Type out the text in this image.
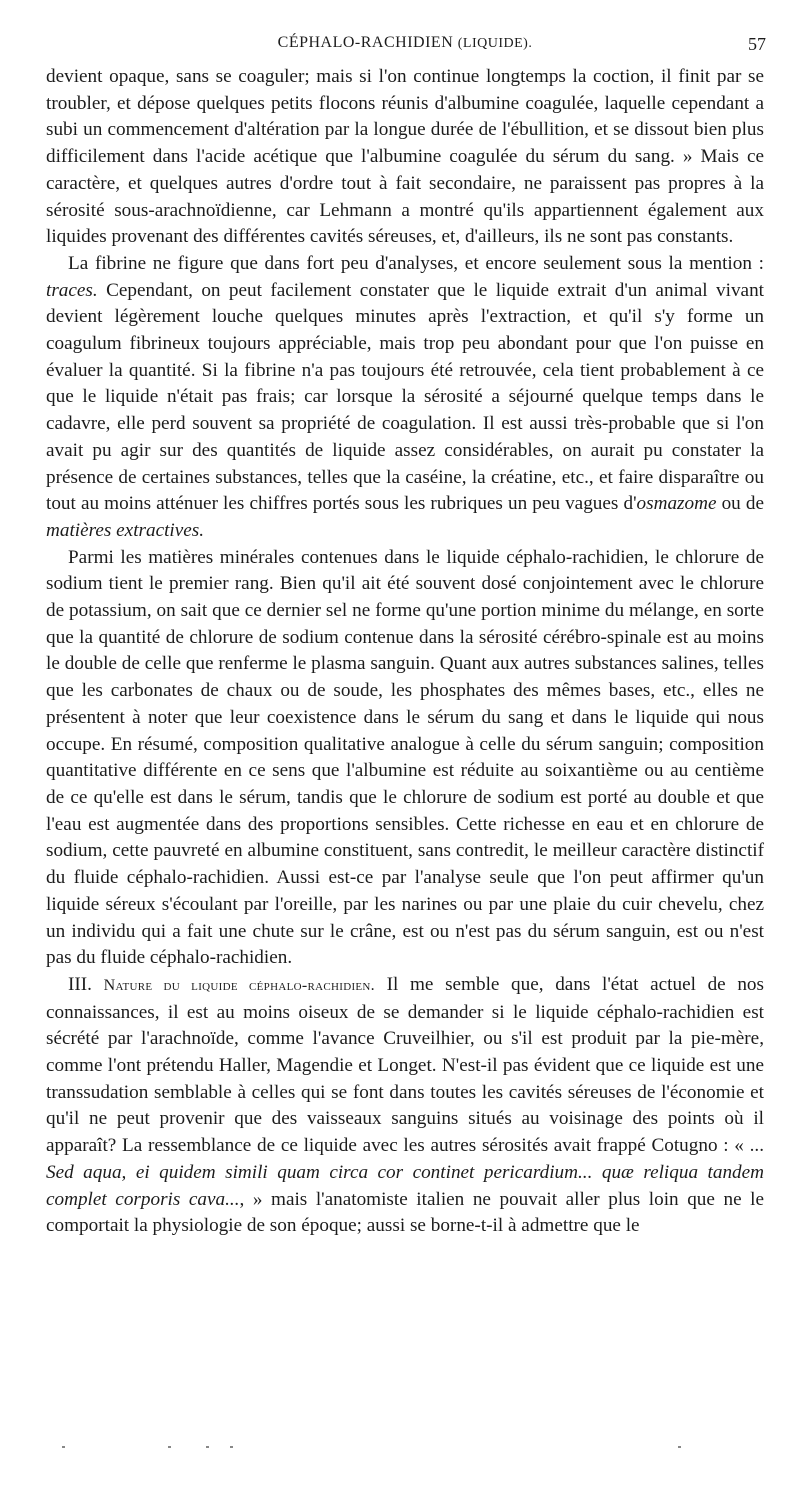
CÉPHALO-RACHIDIEN (LIQUIDE).	57

devient opaque, sans se coaguler; mais si l'on continue longtemps la coction, il finit par se troubler, et dépose quelques petits flocons réunis d'albumine coagulée, laquelle cependant a subi un commencement d'altération par la longue durée de l'ébullition, et se dissout bien plus difficilement dans l'acide acétique que l'albumine coagulée du sérum du sang. » Mais ce caractère, et quelques autres d'ordre tout à fait secondaire, ne paraissent pas propres à la sérosité sous-arachnoïdienne, car Lehmann a montré qu'ils appartiennent également aux liquides provenant des différentes cavités séreuses, et, d'ailleurs, ils ne sont pas constants.

La fibrine ne figure que dans fort peu d'analyses, et encore seulement sous la mention : traces. Cependant, on peut facilement constater que le liquide extrait d'un animal vivant devient légèrement louche quelques minutes après l'extraction, et qu'il s'y forme un coagulum fibrineux toujours appréciable, mais trop peu abondant pour que l'on puisse en évaluer la quantité. Si la fibrine n'a pas toujours été retrouvée, cela tient probablement à ce que le liquide n'était pas frais; car lorsque la sérosité a séjourné quelque temps dans le cadavre, elle perd souvent sa propriété de coagulation. Il est aussi très-probable que si l'on avait pu agir sur des quantités de liquide assez considérables, on aurait pu constater la présence de certaines substances, telles que la caséine, la créatine, etc., et faire disparaître ou tout au moins atténuer les chiffres portés sous les rubriques un peu vagues d'osmazome ou de matières extractives.

Parmi les matières minérales contenues dans le liquide céphalo-rachidien, le chlorure de sodium tient le premier rang. Bien qu'il ait été souvent dosé conjointement avec le chlorure de potassium, on sait que ce dernier sel ne forme qu'une portion minime du mélange, en sorte que la quantité de chlorure de sodium contenue dans la sérosité cérébro-spinale est au moins le double de celle que renferme le plasma sanguin. Quant aux autres substances salines, telles que les carbonates de chaux ou de soude, les phosphates des mêmes bases, etc., elles ne présentent à noter que leur coexistence dans le sérum du sang et dans le liquide qui nous occupe. En résumé, composition qualitative analogue à celle du sérum sanguin; composition quantitative différente en ce sens que l'albumine est réduite au soixantième ou au centième de ce qu'elle est dans le sérum, tandis que le chlorure de sodium est porté au double et que l'eau est augmentée dans des proportions sensibles. Cette richesse en eau et en chlorure de sodium, cette pauvreté en albumine constituent, sans contredit, le meilleur caractère distinctif du fluide céphalo-rachidien. Aussi est-ce par l'analyse seule que l'on peut affirmer qu'un liquide séreux s'écoulant par l'oreille, par les narines ou par une plaie du cuir chevelu, chez un individu qui a fait une chute sur le crâne, est ou n'est pas du sérum sanguin, est ou n'est pas du fluide céphalo-rachidien.

III. Nature du liquide céphalo-rachidien. Il me semble que, dans l'état actuel de nos connaissances, il est au moins oiseux de se demander si le liquide céphalo-rachidien est sécrété par l'arachnoïde, comme l'avance Cruveilhier, ou s'il est produit par la pie-mère, comme l'ont prétendu Haller, Magendie et Longet. N'est-il pas évident que ce liquide est une transsudation semblable à celles qui se font dans toutes les cavités séreuses de l'économie et qu'il ne peut provenir que des vaisseaux sanguins situés au voisinage des points où il apparaît? La ressemblance de ce liquide avec les autres sérosités avait frappé Cotugno : « ... Sed aqua, ei quidem simili quam circa cor continet pericardium... quæ reliqua tandem complet corporis cava..., » mais l'anatomiste italien ne pouvait aller plus loin que ne le comportait la physiologie de son époque; aussi se borne-t-il à admettre que le
